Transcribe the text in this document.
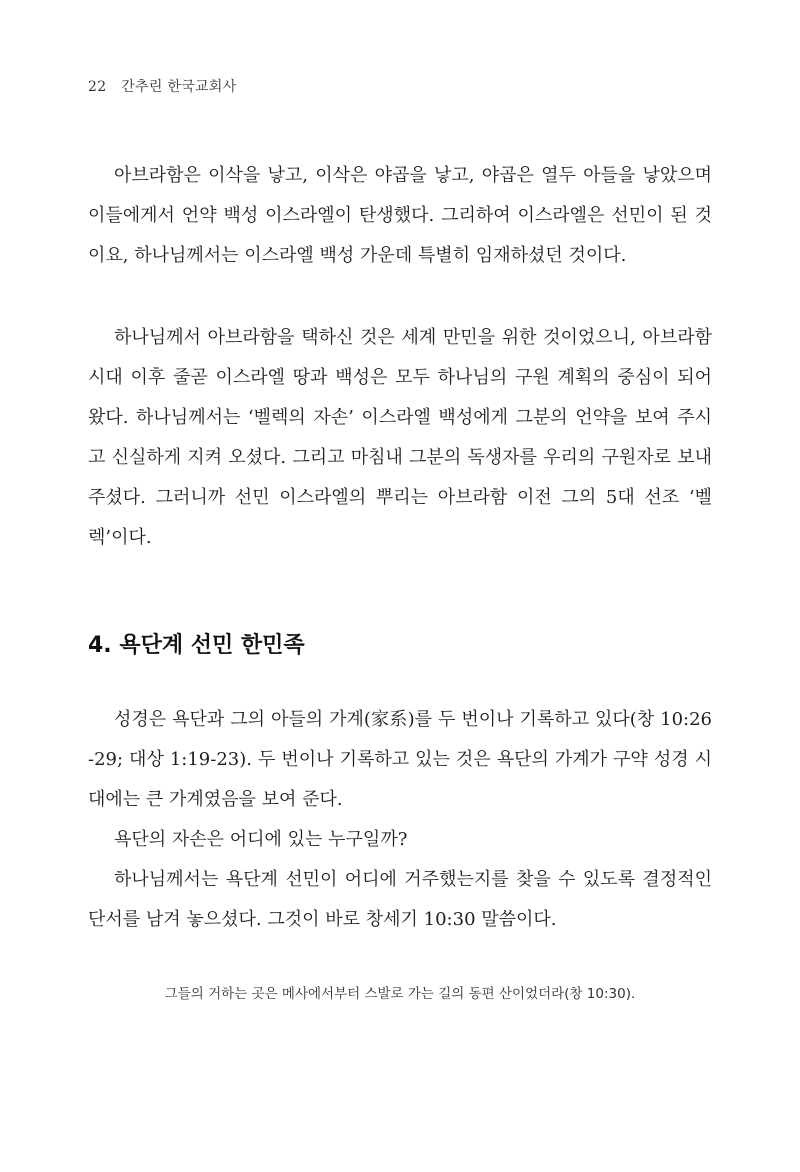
22 간추린 한국교회사

아브라함은 이삭을 낳고, 이삭은 야곱을 낳고, 야곱은 열두 아들을 낳았으며 이들에게서 언약 백성 이스라엘이 탄생했다. 그리하여 이스라엘은 선민이 된 것이요, 하나님께서는 이스라엘 백성 가운데 특별히 임재하셨던 것이다.

하나님께서 아브라함을 택하신 것은 세계 만민을 위한 것이었으니, 아브라함 시대 이후 줄곧 이스라엘 땅과 백성은 모두 하나님의 구원 계획의 중심이 되어 왔다. 하나님께서는 ‘벨렉의 자손’ 이스라엘 백성에게 그분의 언약을 보여 주시고 신실하게 지켜 오셨다. 그리고 마침내 그분의 독생자를 우리의 구원자로 보내 주셨다. 그러니까 선민 이스라엘의 뿌리는 아브라함 이전 그의 5대 선조 ‘벨렉’이다.

4. 욕단계 선민 한민족

성경은 욕단과 그의 아들의 가계(家系)를 두 번이나 기록하고 있다(창 10:26-29; 대상 1:19-23). 두 번이나 기록하고 있는 것은 욕단의 가계가 구약 성경 시대에는 큰 가계였음을 보여 준다.

욕단의 자손은 어디에 있는 누구일까?

하나님께서는 욕단계 선민이 어디에 거주했는지를 찾을 수 있도록 결정적인 단서를 남겨 놓으셨다. 그것이 바로 창세기 10:30 말씀이다.

그들의 거하는 곳은 메사에서부터 스발로 가는 길의 동편 산이었더라(창 10:30).
